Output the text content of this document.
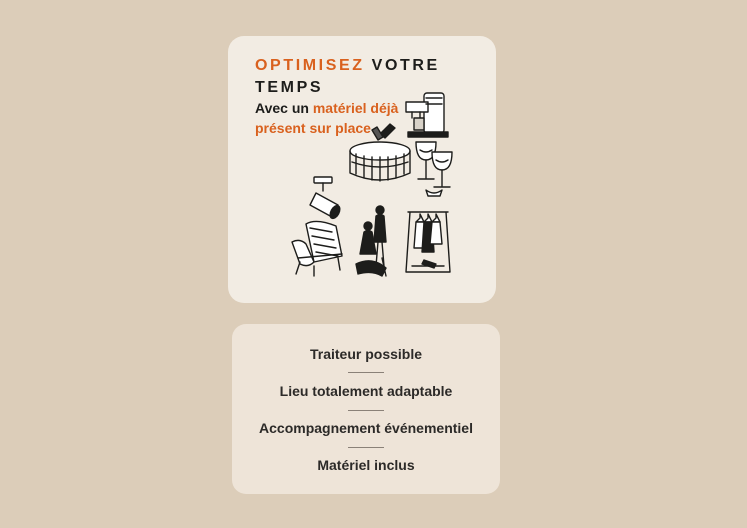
OPTIMISEZ VOTRE TEMPS
Avec un matériel déjà présent sur place
Traiteur possible
Lieu totalement adaptable
Accompagnement événementiel
Matériel inclus
